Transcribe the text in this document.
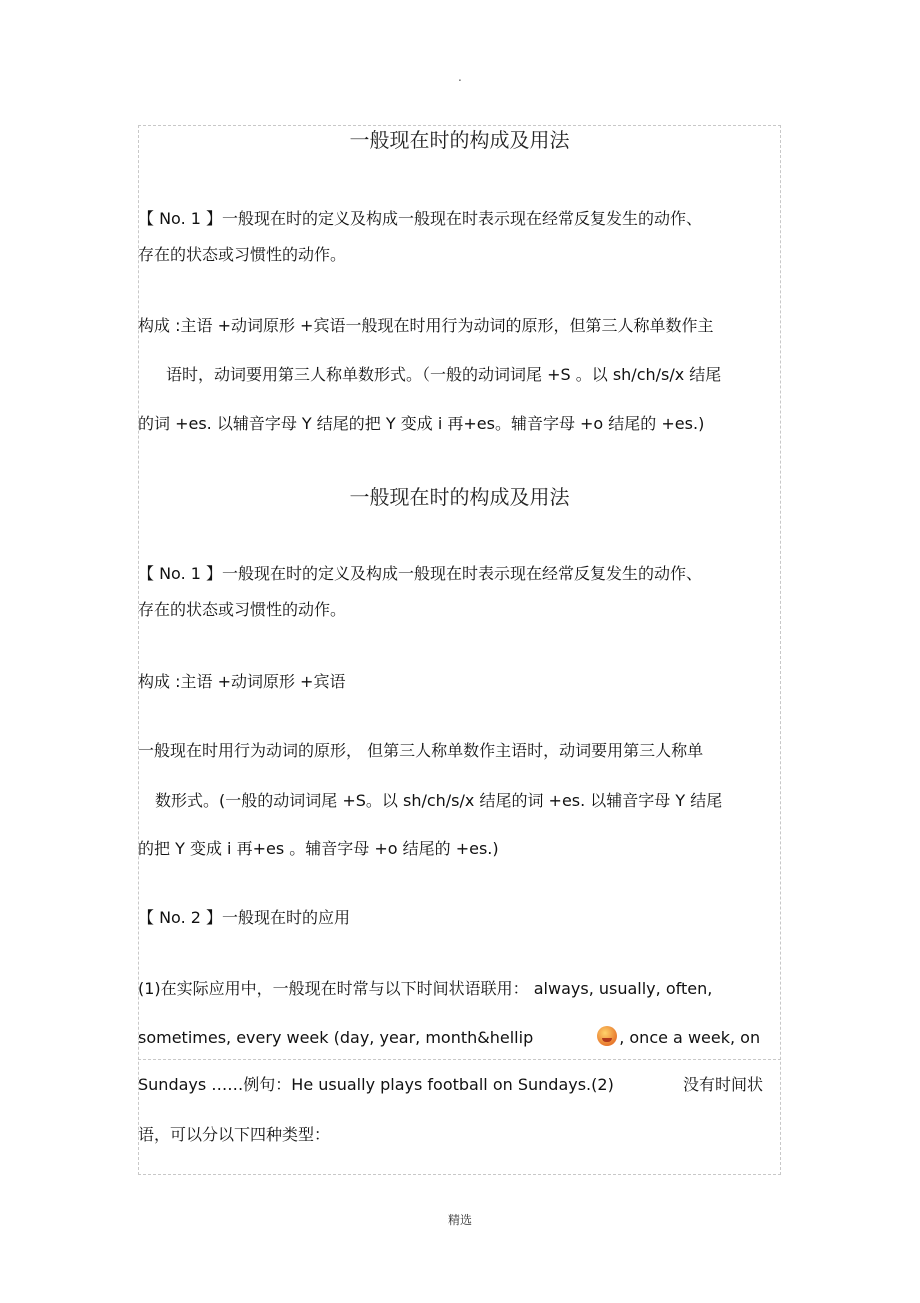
.
一般现在时的构成及用法
【 No. 1 】一般现在时的定义及构成一般现在时表示现在经常反复发生的动作、
存在的状态或习惯性的动作。
构成 :主语 +动词原形 +宾语一般现在时用行为动词的原形，但第三人称单数作主
语时，动词要用第三人称单数形式。（一般的动词词尾 +S 。以 sh/ch/s/x 结尾
的词 +es. 以辅音字母 Y 结尾的把 Y 变成 i 再+es。辅音字母 +o 结尾的 +es.)
一般现在时的构成及用法
【 No. 1 】一般现在时的定义及构成一般现在时表示现在经常反复发生的动作、
存在的状态或习惯性的动作。
构成 :主语 +动词原形 +宾语
一般现在时用行为动词的原形， 但第三人称单数作主语时，动词要用第三人称单
数形式。(一般的动词词尾 +S。以 sh/ch/s/x 结尾的词 +es. 以辅音字母 Y 结尾
的把 Y 变成 i 再+es 。辅音字母 +o 结尾的 +es.)
【 No. 2 】一般现在时的应用
(1)在实际应用中，一般现在时常与以下时间状语联用： always, usually, often,
sometimes, every week (day, year, month&hellip	, once a week, on
Sundays ……例句：He usually plays football on Sundays.(2)	没有时间状
语，可以分以下四种类型：
精选
